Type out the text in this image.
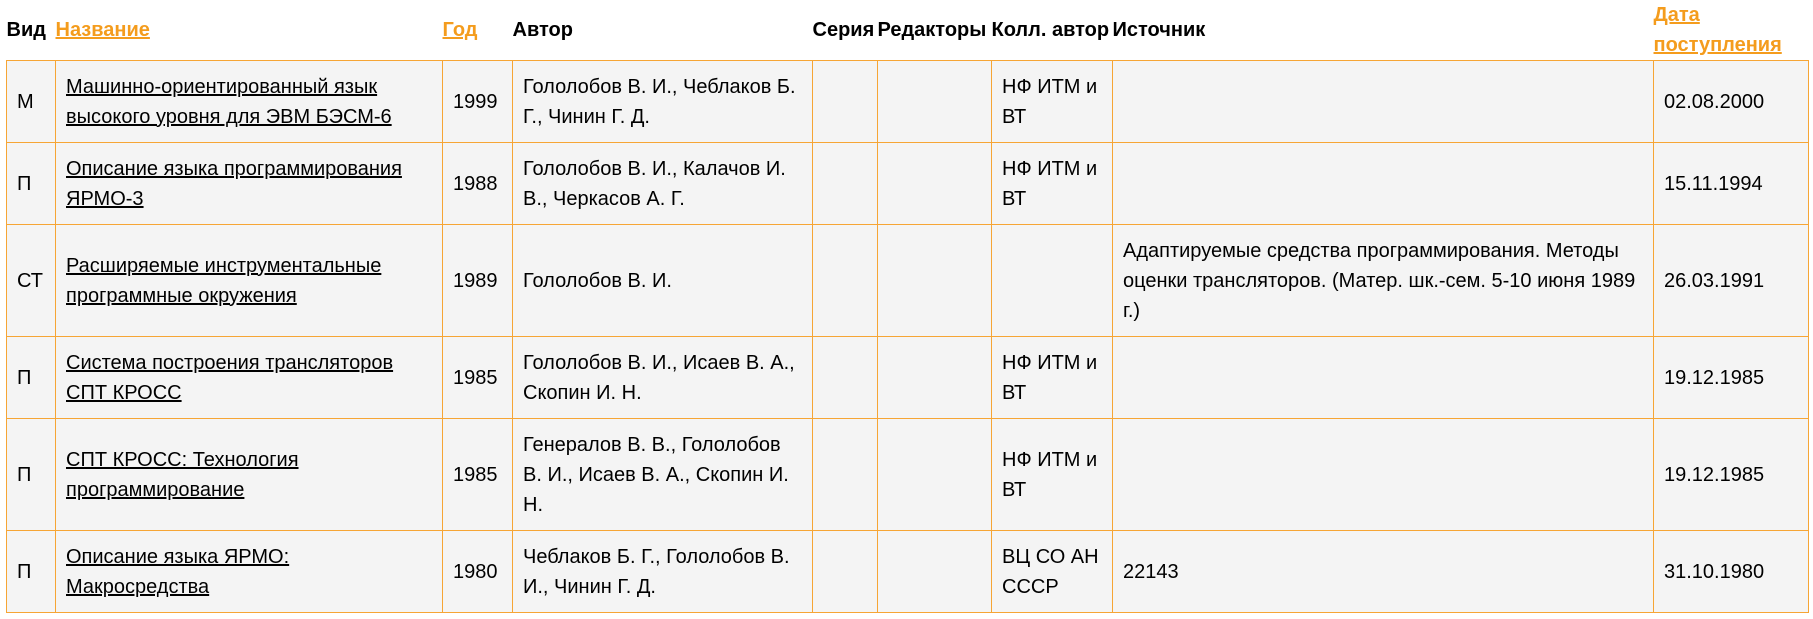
Вид	Название	Год	Автор	Серия	Редакторы	Колл. автор	Источник	Дата поступления
М	Машинно-ориентированный язык высокого уровня для ЭВМ БЭСМ-6	1999	Гололобов В. И., Чеблаков Б. Г., Чинин Г. Д.			НФ ИТМ и ВТ		02.08.2000
П	Описание языка программирования ЯРМО-3	1988	Гололобов В. И., Калачов И. В., Черкасов А. Г.			НФ ИТМ и ВТ		15.11.1994
СТ	Расширяемые инструментальные программные окружения	1989	Гололобов В. И.				Адаптируемые средства программирования. Методы оценки трансляторов. (Матер. шк.-сем. 5-10 июня 1989 г.)	26.03.1991
П	Система построения трансляторов СПТ КРОСС	1985	Гололобов В. И., Исаев В. А., Скопин И. Н.			НФ ИТМ и ВТ		19.12.1985
П	СПТ КРОСС: Технология программирование	1985	Генералов В. В., Гололобов В. И., Исаев В. А., Скопин И. Н.			НФ ИТМ и ВТ		19.12.1985
П	Описание языка ЯРМО: Макросредства	1980	Чеблаков Б. Г., Гололобов В. И., Чинин Г. Д.			ВЦ СО АН СССР	22143	31.10.1980
